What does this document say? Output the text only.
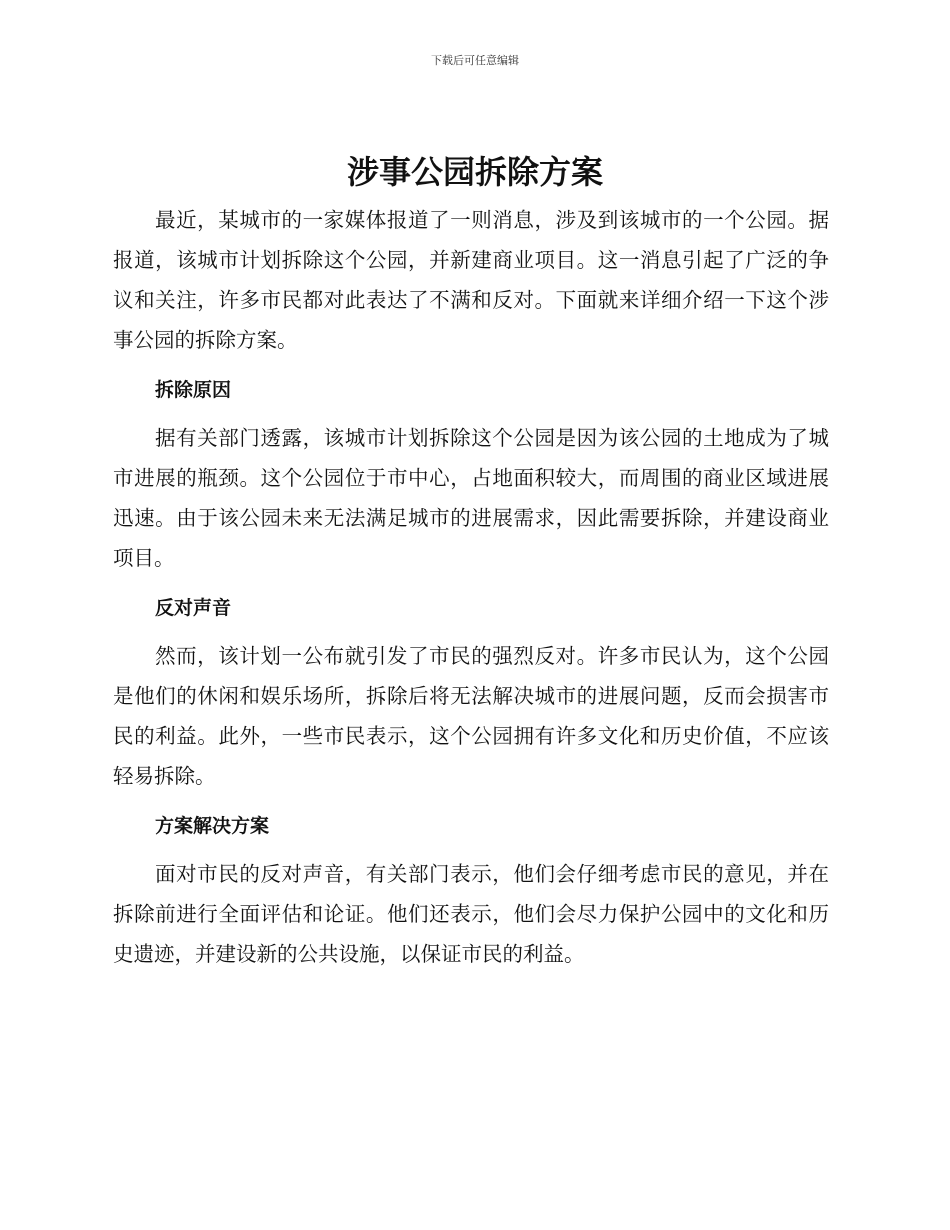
下载后可任意编辑
涉事公园拆除方案

最近，某城市的一家媒体报道了一则消息，涉及到该城市的一个公园。据报道，该城市计划拆除这个公园，并新建商业项目。这一消息引起了广泛的争议和关注，许多市民都对此表达了不满和反对。下面就来详细介绍一下这个涉事公园的拆除方案。

拆除原因

据有关部门透露，该城市计划拆除这个公园是因为该公园的土地成为了城市进展的瓶颈。这个公园位于市中心，占地面积较大，而周围的商业区域进展迅速。由于该公园未来无法满足城市的进展需求，因此需要拆除，并建设商业项目。

反对声音

然而，该计划一公布就引发了市民的强烈反对。许多市民认为，这个公园是他们的休闲和娱乐场所，拆除后将无法解决城市的进展问题，反而会损害市民的利益。此外，一些市民表示，这个公园拥有许多文化和历史价值，不应该轻易拆除。

方案解决方案

面对市民的反对声音，有关部门表示，他们会仔细考虑市民的意见，并在拆除前进行全面评估和论证。他们还表示，他们会尽力保护公园中的文化和历史遗迹，并建设新的公共设施，以保证市民的利益。
